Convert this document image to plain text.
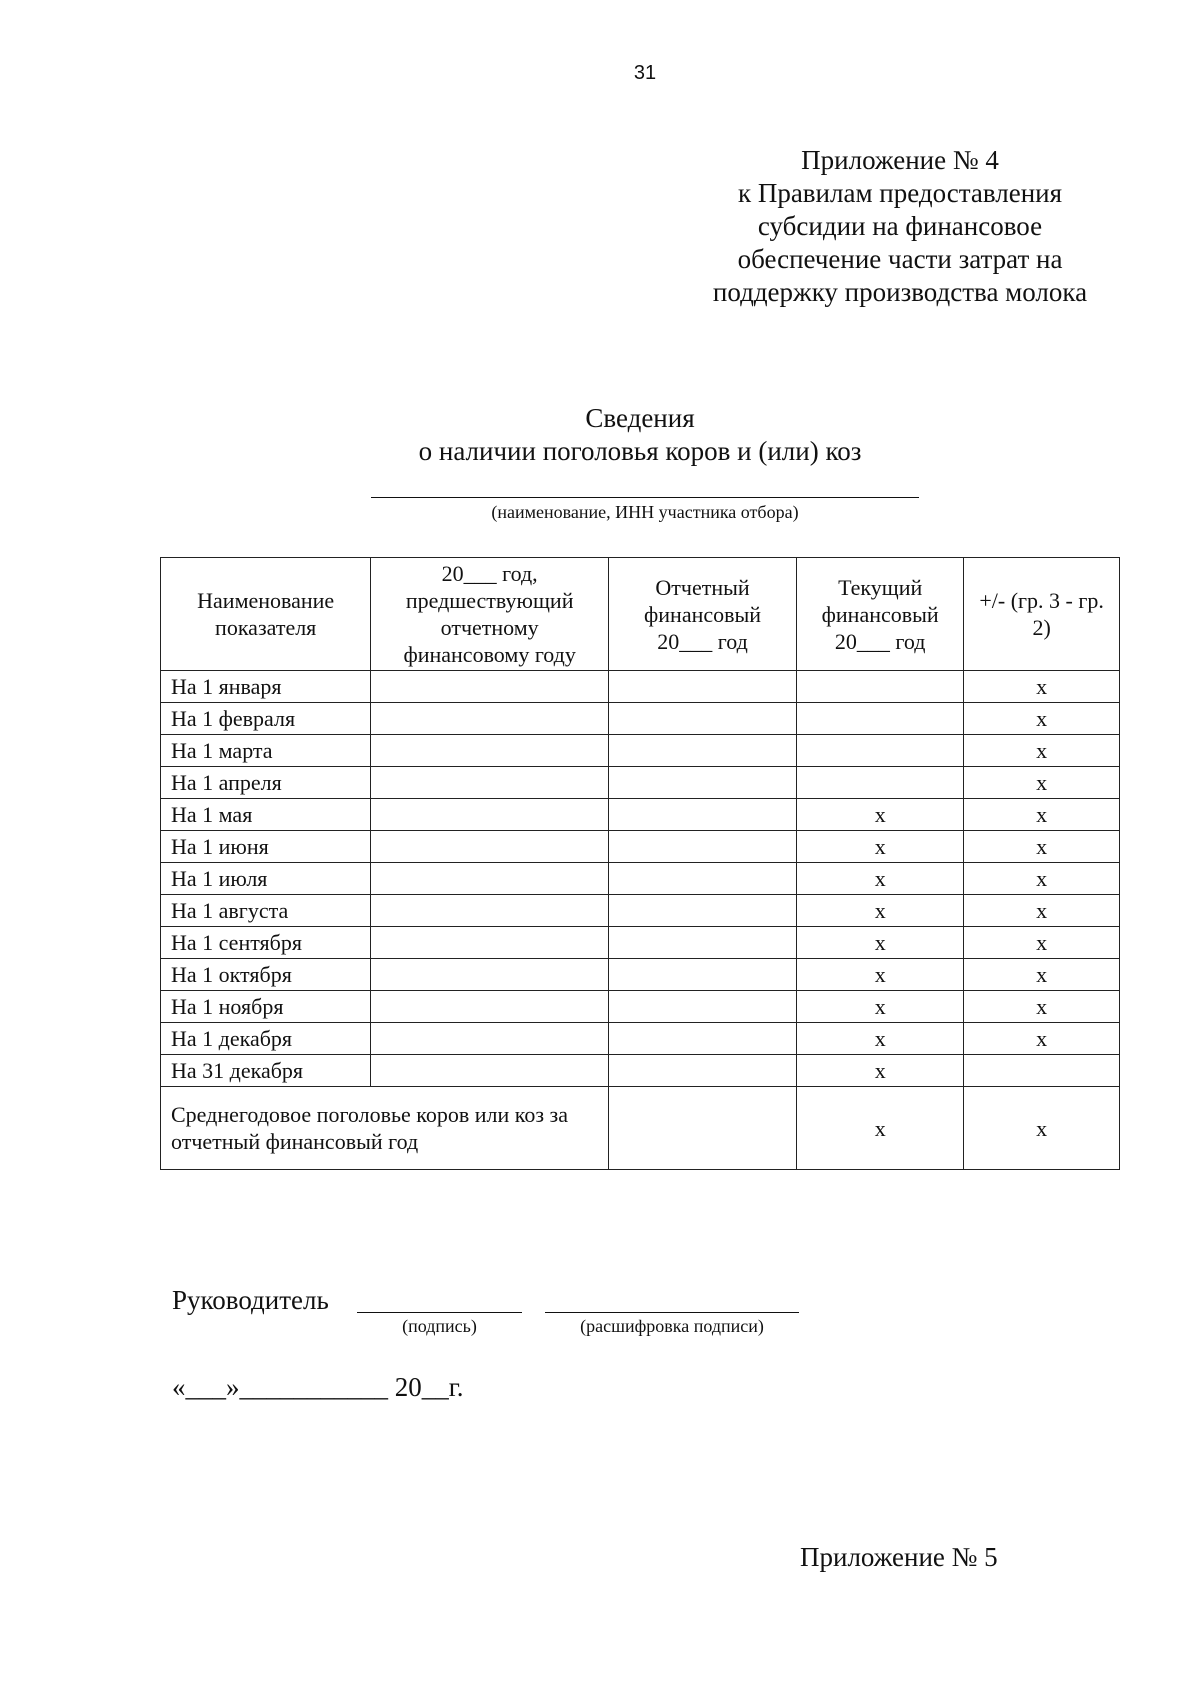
31
Приложение № 4
к Правилам предоставления
субсидии на финансовое
обеспечение части затрат на
поддержку производства молока
Сведения
о наличии поголовья коров и (или) коз
(наименование, ИНН участника отбора)
Наименование показателя	20___ год, предшествующий отчетному финансовому году	Отчетный финансовый 20___ год	Текущий финансовый 20___ год	+/- (гр. 3 - гр. 2)
На 1 января				x
На 1 февраля				x
На 1 марта				x
На 1 апреля				x
На 1 мая			x	x
На 1 июня			x	x
На 1 июля			x	x
На 1 августа			x	x
На 1 сентября			x	x
На 1 октября			x	x
На 1 ноября			x	x
На 1 декабря			x	x
На 31 декабря			x	
Среднегодовое поголовье коров или коз за отчетный финансовый год			x	x
Руководитель
(подпись)	(расшифровка подписи)
«___»___________ 20__г.
Приложение № 5
